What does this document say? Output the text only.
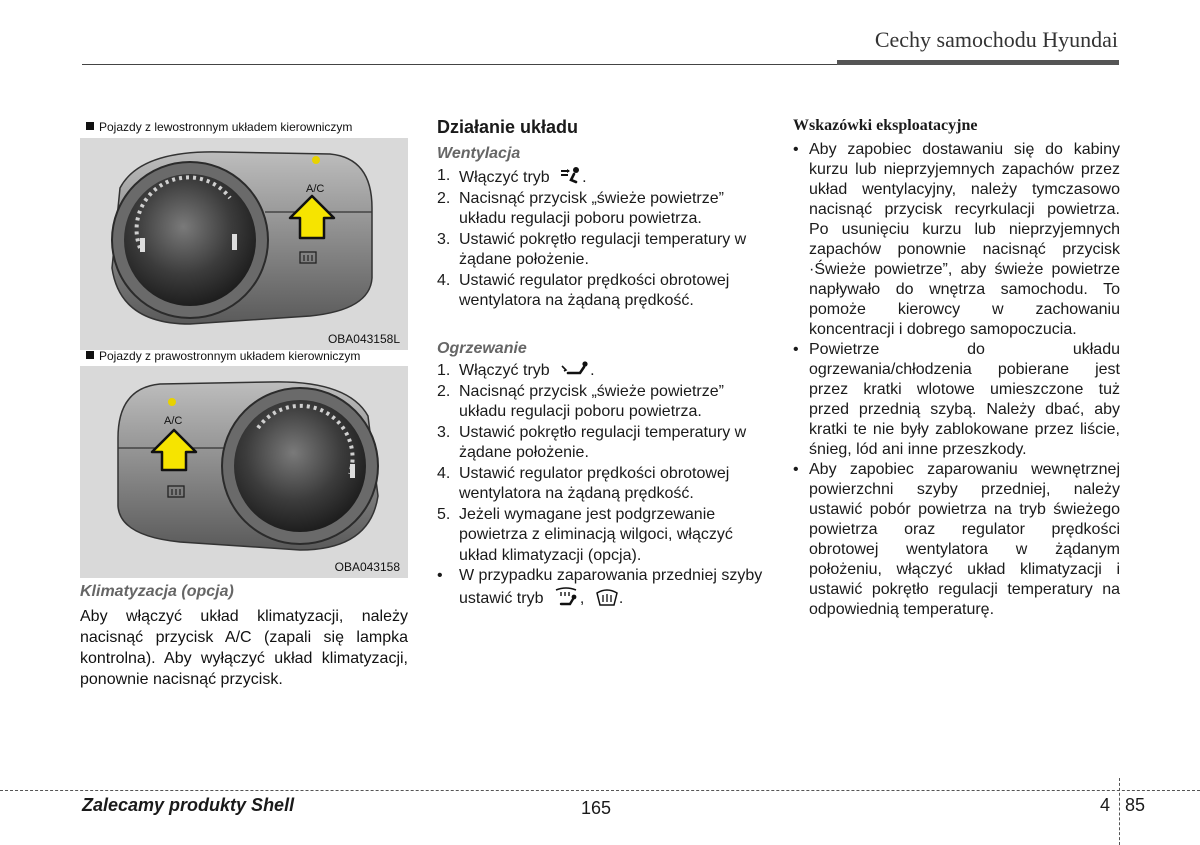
Cechy samochodu Hyundai
Pojazdy z lewostronnym układem kierowniczym
A/C
OBA043158L
Pojazdy z prawostronnym układem kierowniczym
A/C
OBA043158
Klimatyzacja (opcja)
Aby włączyć układ klimatyzacji, należy nacisnąć przycisk A/C (zapali się lampka kontrolna). Aby wyłączyć układ klimatyzacji, ponownie nacisnąć przycisk.
Działanie układu
Wentylacja
1. Włączyć tryb .
2. Nacisnąć przycisk „świeże powietrze” układu regulacji poboru powietrza.
3. Ustawić pokrętło regulacji temperatury w żądane położenie.
4. Ustawić regulator prędkości obrotowej wentylatora na żądaną prędkość.
Ogrzewanie
1. Włączyć tryb	.
2. Nacisnąć przycisk „świeże powietrze” układu regulacji poboru powietrza.
3. Ustawić pokrętło regulacji temperatury w żądane położenie.
4. Ustawić regulator prędkości obrotowej wentylatora na żądaną prędkość.
5. Jeżeli wymagane jest podgrzewanie powietrza z eliminacją wilgoci, włączyć układ klimatyzacji (opcja).
• W przypadku zaparowania przedniej szyby ustawić tryb , .
Wskazówki eksploatacyjne
• Aby zapobiec dostawaniu się do kabiny kurzu lub nieprzyjemnych zapachów przez układ wentylacyjny, należy tymczasowo nacisnąć przycisk recyrkulacji powietrza. Po usunięciu kurzu lub nieprzyjemnych zapachów ponownie nacisnąć przycisk ·Świeże powietrze”, aby świeże powietrze napływało do wnętrza samochodu. To pomoże kierowcy w zachowaniu koncentracji i dobrego samopoczucia.
• Powietrze do układu ogrzewania/chłodzenia pobierane jest przez kratki wlotowe umieszczone tuż przed przednią szybą. Należy dbać, aby kratki te nie były zablokowane przez liście, śnieg, lód ani inne przeszkody.
• Aby zapobiec zaparowaniu wewnętrznej powierzchni szyby przedniej, należy ustawić pobór powietrza na tryb świeżego powietrza oraz regulator prędkości obrotowej wentylatora w żądanym położeniu, włączyć układ klimatyzacji i ustawić pokrętło regulacji temperatury na odpowiednią temperaturę.
Zalecamy produkty Shell	165	4 85
